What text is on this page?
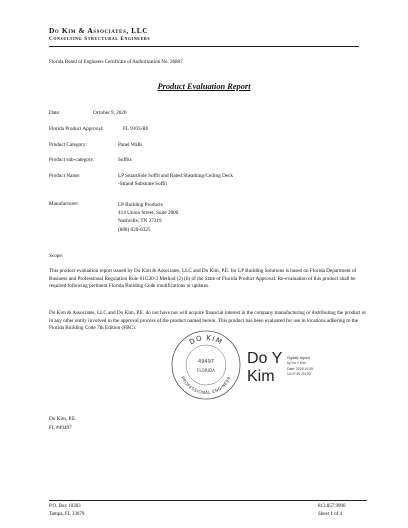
Do Kim & Associates, LLC
Consulting Structural Engineers
Florida Board of Engineers Certificate of Authorization No. 26887
Product Evaluation Report
Date:	October 9, 2020
Florida Product Approval:	FL 9103-R6
Product Category:	Panel Walls
Product sub-category:	Soffits
Product Name:	LP SmartSide Soffit and Rated Sheathing/Ceiling Deck
-Strand Substrate Soffit
Manufacturer:	LP Building Products
414 Union Street, Suite 2000
Nashville, TN 37219
(888) 820-0325
Scope:
This product evaluation report issued by Do Kim & Associates, LLC and Do Kim, P.E. for LP Building Solutions is based on Florida Department of Business and Professional Regulation Rule 61G20-3 Method (2) (b) of the State of Florida Product Approval. Re-evaluation of this product shall be required following pertinent Florida Building Code modifications or updates.
Do Kim & Associates, LLC and Do Kim, P.E. do not have nor will acquire financial interest in the company manufacturing or distributing the product or in any other entity involved in the approval process of the product named herein. This product has been evaluated for use in locations adhering to the Florida Building Code 7th Edition (FBC).
DO KIM
PROFESSIONAL ENGINEER
49497
FLORIDA
Do Y
Kim
Digitally signed
by Do Y Kim
Date: 2020.10.09
14:37:30 -04'00'
Do Kim, P.E.
FL #49497
P.O. Box 10383
Tampa, FL 33679
813.857.9996
Sheet 1 of 4
